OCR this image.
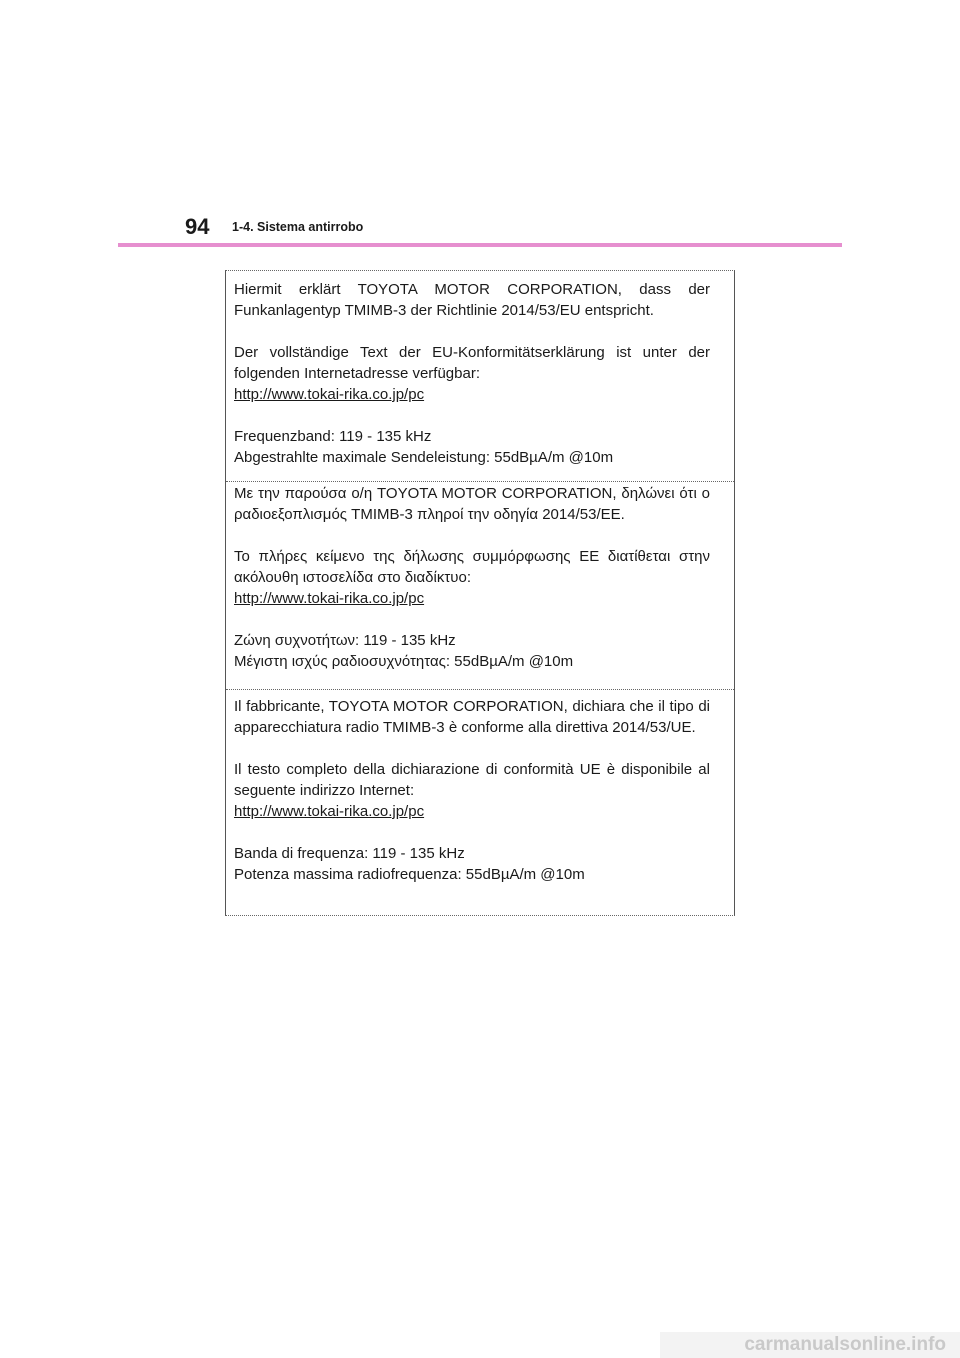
94 1-4. Sistema antirrobo

Hiermit erklärt TOYOTA MOTOR CORPORATION, dass der Funkanlagentyp TMIMB-3 der Richtlinie 2014/53/EU entspricht.

Der vollständige Text der EU-Konformitätserklärung ist unter der folgenden Internetadresse verfügbar:

http://www.tokai-rika.co.jp/pc

Frequenzband: 119 - 135 kHz

Abgestrahlte maximale Sendeleistung: 55dBµA/m @10m

Με την παρούσα ο/η TOYOTA MOTOR CORPORATION, δηλώνει ότι ο ραδιοεξοπλισμός TMIMB-3 πληροί την οδηγία 2014/53/ΕΕ.

Το πλήρες κείμενο της δήλωσης συμμόρφωσης ΕΕ διατίθεται στην ακόλουθη ιστοσελίδα στο διαδίκτυο:

http://www.tokai-rika.co.jp/pc

Ζώνη συχνοτήτων: 119 - 135 kHz

Μέγιστη ισχύς ραδιοσυχνότητας: 55dBµA/m @10m

Il fabbricante, TOYOTA MOTOR CORPORATION, dichiara che il tipo di apparecchiatura radio TMIMB-3 è conforme alla direttiva 2014/53/UE.

Il testo completo della dichiarazione di conformità UE è disponibile al seguente indirizzo Internet:

http://www.tokai-rika.co.jp/pc

Banda di frequenza: 119 - 135 kHz

Potenza massima radiofrequenza: 55dBµA/m @10m

carmanualsonline.info
